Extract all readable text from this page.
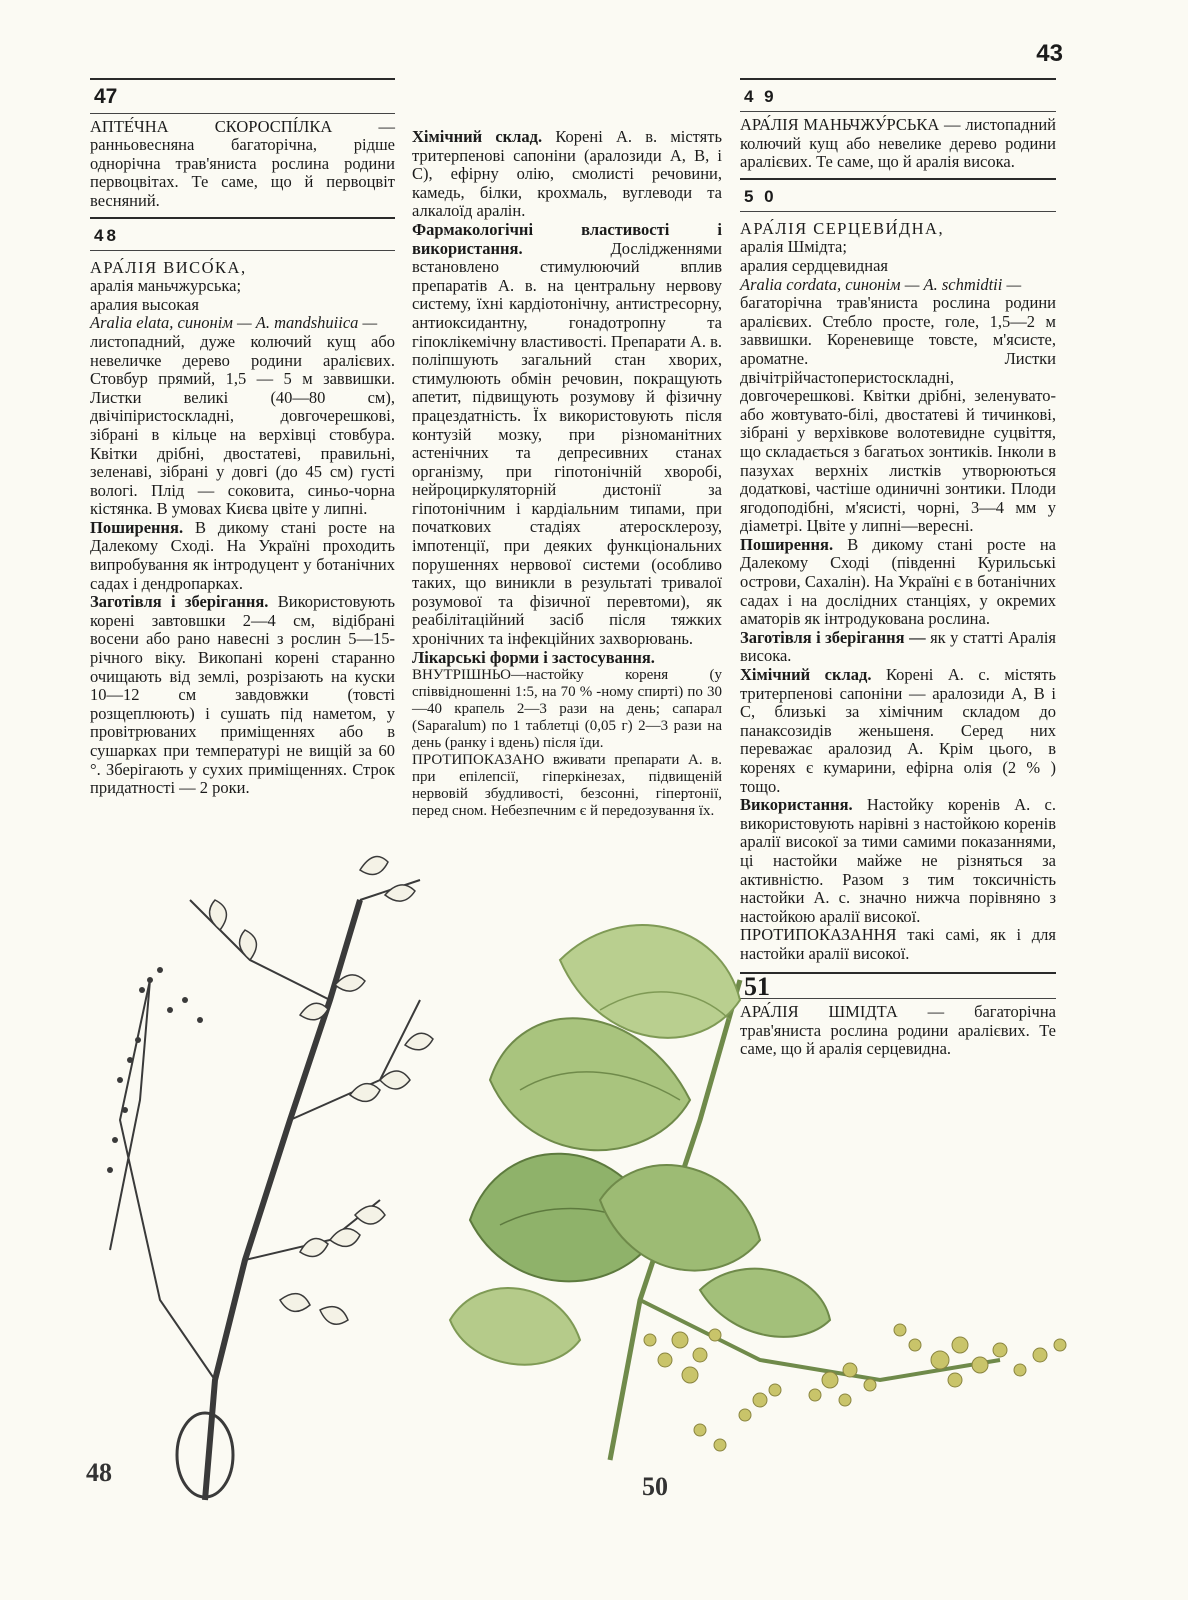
43
47

АПТЕ́ЧНА СКОРОСПІ́ЛКА — ранньовесняна багаторічна, рідше однорічна трав'яниста рослина родини первоцвітах. Те саме, що й первоцвіт весняний.

48

АРА́ЛІЯ ВИСО́КА,

аралія маньчжурська;

аралия высокая

Aralia elata, синонім — A. mandshuiica —

листопадний, дуже колючий кущ або невеличке дерево родини аралієвих. Стовбур прямий, 1,5 — 5 м заввишки. Листки великі (40—80 см), двічіпіристоскладні, довгочерешкові, зібрані в кільце на верхівці стовбура. Квітки дрібні, двостатеві, правильні, зеленаві, зібрані у довгі (до 45 см) густі вологі. Плід — соковита, синьо-чорна кістянка. В умовах Києва цвіте у липні.

Поширення. В дикому стані росте на Далекому Сході. На Україні проходить випробування як інтродуцент у ботанічних садах і дендропарках.

Заготівля і зберігання. Використовують корені завтовшки 2—4 см, відібрані восени або рано навесні з рослин 5—15-річного віку. Викопані корені старанно очищають від землі, розрізають на куски 10—12 см завдовжки (товсті розщеплюють) і сушать під наметом, у провітрюваних приміщеннях або в сушарках при температурі не вищій за 60 °. Зберігають у сухих приміщеннях. Строк придатності — 2 роки.

Хімічний склад. Корені А. в. містять тритерпенові сапоніни (аралозиди А, В, і С), ефірну олію, смолисті речовини, камедь, білки, крохмаль, вуглеводи та алкалоїд аралін.

Фармакологічні властивості і використання.	Дослідженнями встановлено стимулюючий вплив препаратів А. в. на центральну нервову систему, їхні кардіотонічну, антистресорну, антиоксидантну, гонадотропну та гіпоклікемічну властивості. Препарати А. в. поліпшують загальний стан хворих, стимулюють обмін речовин, покращують апетит, підвищують розумову й фізичну працездатність. Їх використовують після контузій мозку, при різноманітних астенічних та депресивних станах організму, при гіпотонічній хворобі, нейроциркуляторній дистонії за гіпотонічним і кардіальним типами, при початкових стадіях атеросклерозу, імпотенції, при деяких функціональних порушеннях нервової системи (особливо таких, що виникли в результаті тривалої розумової та фізичної перевтоми), як реабілітаційний засіб після тяжких хронічних та інфекційних захворювань.

Лікарські форми і застосування.

ВНУТРІШНЬО—настойку кореня (у співвідношенні 1:5, на 70 % -ному спирті) по 30—40 крапель 2—3 рази на день; сапарал (Saparalum) по 1 таблетці (0,05 г) 2—3 рази на день (ранку і вдень) після їди.

ПРОТИПОКАЗАНО вживати препарати А. в. при епілепсії, гіперкінезах, підвищеній нервовій збудливості, безсонні, гіпертонії, перед сном. Небезпечним є й передозування їх.

4 9

АРА́ЛІЯ МАНЬЧЖУ́РСЬКА — листопадний колючий кущ або невелике дерево родини аралієвих. Те саме, що й аралія висока.

5 0

АРА́ЛІЯ СЕРЦЕВИ́ДНА,

аралія Шмідта;

аралия сердцевидная

Aralia cordata, синонім — A. schmidtii —

багаторічна трав'яниста рослина родини аралієвих. Стебло просте, голе, 1,5—2 м заввишки. Кореневище товсте, м'ясисте, ароматне. Листки двічітрійчастоперистоскладні, довгочерешкові. Квітки дрібні, зеленувато- або жовтувато-білі, двостатеві й тичинкові, зібрані у верхівкове волотевидне суцвіття, що складається з багатьох зонтиків. Інколи в пазухах верхніх листків утворюються додаткові, частіше одиничні зонтики. Плоди ягодоподібні, м'ясисті, чорні, 3—4 мм у діаметрі. Цвіте у липні—вересні.

Поширення. В дикому стані росте на Далекому Сході (південні Курильські острови, Сахалін). На Україні є в ботанічних садах і на дослідних станціях, у окремих аматорів як інтродукована рослина.

Заготівля і зберігання — як у статті Аралія висока.

Хімічний склад. Корені А. с. містять тритерпенові сапоніни — аралозиди А, В і С, близькі за хімічним складом до панаксозидів женьшеня. Серед них переважає аралозид А. Крім цього, в коренях є кумарини, ефірна олія (2 % ) тощо.

Використання. Настойку коренів А. с. використовують нарівні з настойкою коренів аралії високої за тими самими показаннями, ці настойки майже не різняться за активністю. Разом з тим токсичність настойки А. с. значно нижча порівняно з настойкою аралії високої.

ПРОТИПОКАЗАННЯ такі самі, як і для настойки аралії високої.

51

АРА́ЛІЯ ШМІДТА — багаторічна трав'яниста рослина родини аралієвих. Те саме, що й аралія серцевидна.

48	50
